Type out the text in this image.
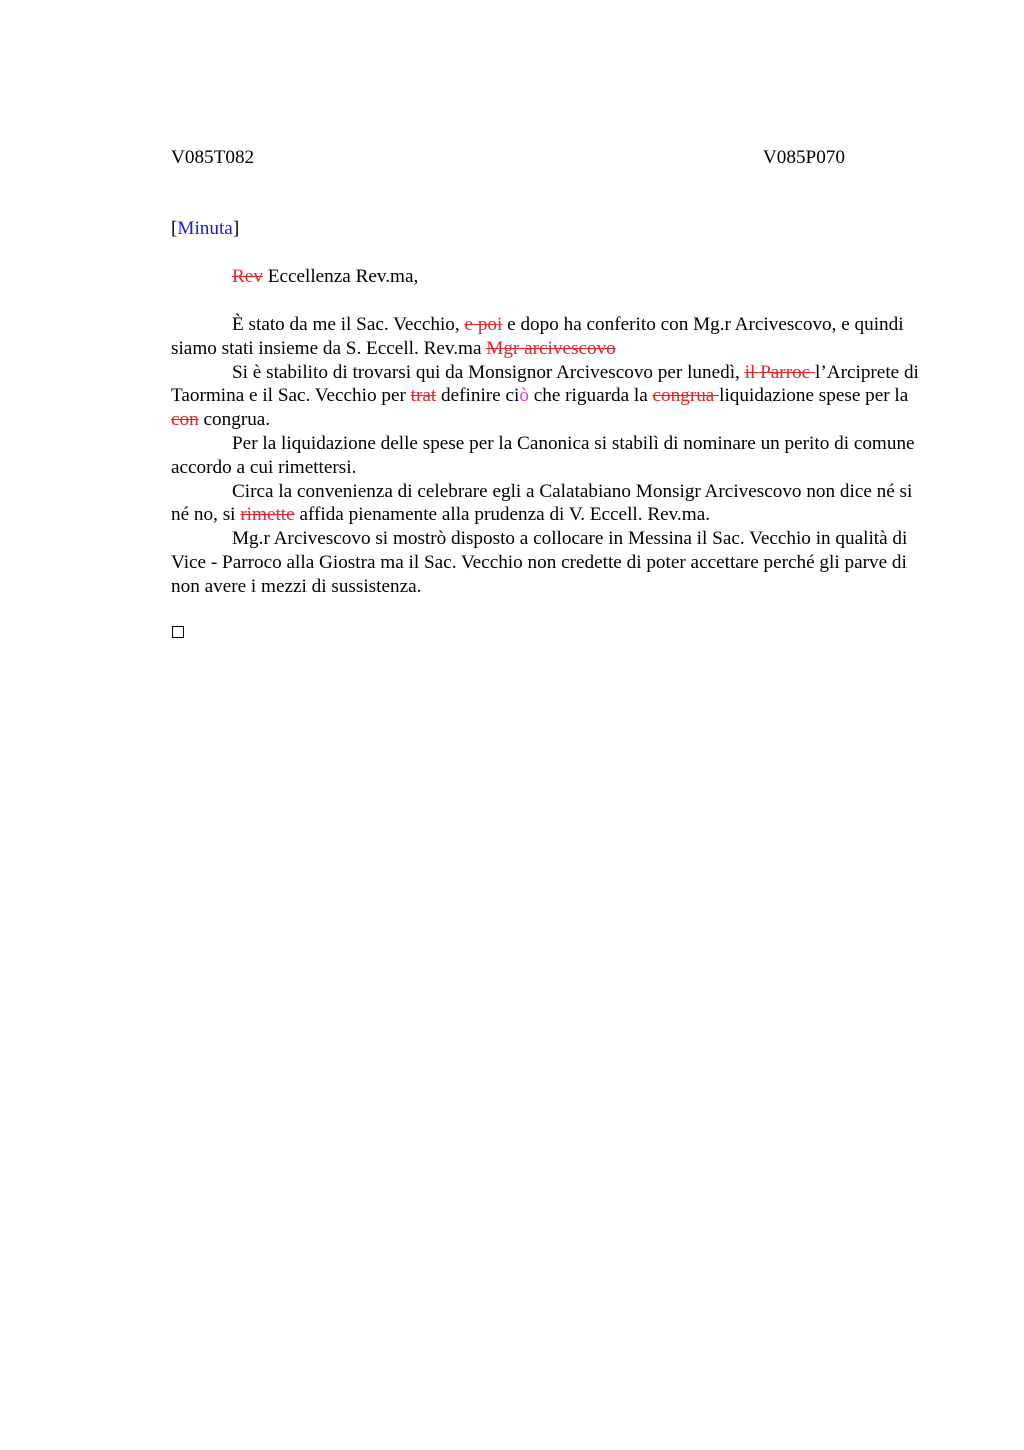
V085T082	V085P070
[Minuta]
Rev Eccellenza Rev.ma,

È stato da me il Sac. Vecchio, e poi e dopo ha conferito con Mg.r Arcivescovo, e quindi siamo stati insieme da S. Eccell. Rev.ma Mgr arcivescovo

Si è stabilito di trovarsi qui da Monsignor Arcivescovo per lunedì, il Parroc l’Arciprete di Taormina e il Sac. Vecchio per trat definire ciò che riguarda la congrua liquidazione spese per la con congrua.

Per la liquidazione delle spese per la Canonica si stabilì di nominare un perito di comune accordo a cui rimettersi.

Circa la convenienza di celebrare egli a Calatabiano Monsigr Arcivescovo non dice né si né no, si rimette affida pienamente alla prudenza di V. Eccell. Rev.ma.

Mg.r Arcivescovo si mostrò disposto a collocare in Messina il Sac. Vecchio in qualità di Vice - Parroco alla Giostra ma il Sac. Vecchio non credette di poter accettare perché gli parve di non avere i mezzi di sussistenza.
